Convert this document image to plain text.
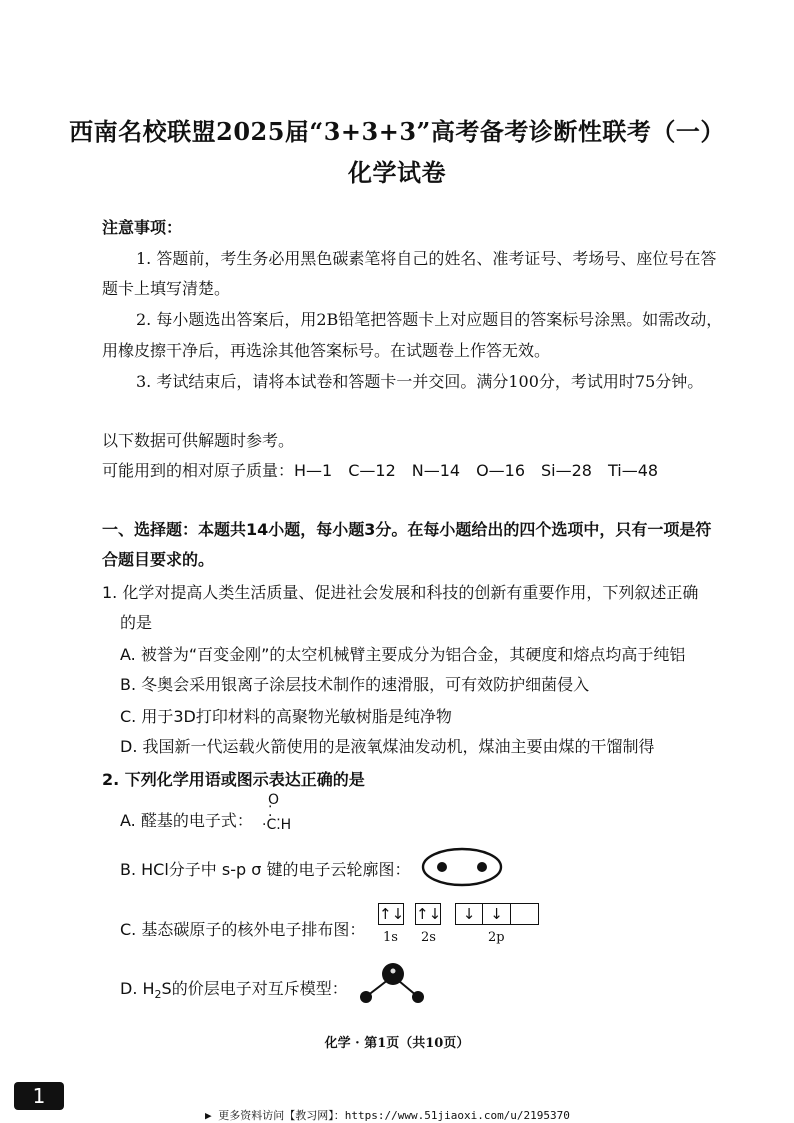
西南名校联盟2025届“3+3+3”高考备考诊断性联考（一）
化学试卷
注意事项：
1. 答题前，考生务必用黑色碳素笔将自己的姓名、准考证号、考场号、座位号在答
题卡上填写清楚。
2. 每小题选出答案后，用2B铅笔把答题卡上对应题目的答案标号涂黑。如需改动，
用橡皮擦干净后，再选涂其他答案标号。在试题卷上作答无效。
3. 考试结束后，请将本试卷和答题卡一并交回。满分100分，考试用时75分钟。
以下数据可供解题时参考。
可能用到的相对原子质量：H—1　C—12　N—14　O—16　Si—28　Ti—48
一、选择题：本题共14小题，每小题3分。在每小题给出的四个选项中，只有一项是符
合题目要求的。
1. 化学对提高人类生活质量、促进社会发展和科技的创新有重要作用，下列叙述正确
的是
A. 被誉为“百变金刚”的太空机械臂主要成分为铝合金，其硬度和熔点均高于纯铝
B. 冬奥会采用银离子涂层技术制作的速滑服，可有效防护细菌侵入
C. 用于3D打印材料的高聚物光敏树脂是纯净物
D. 我国新一代运载火箭使用的是液氧煤油发动机，煤油主要由煤的干馏制得
2. 下列化学用语或图示表达正确的是
A. 醛基的电子式：
O
⁚
·C⁚H
B. HCl分子中 s-p σ 键的电子云轮廓图：
C. 基态碳原子的核外电子排布图：
↑↓ ↑↓	↓ ↓
1s 2s	2p
D. $H_2S$的价层电子对互斥模型：
化学 · 第1页（共10页）
1
▶ 更多资料访问【教习网】：https://www.51jiaoxi.com/u/2195370
